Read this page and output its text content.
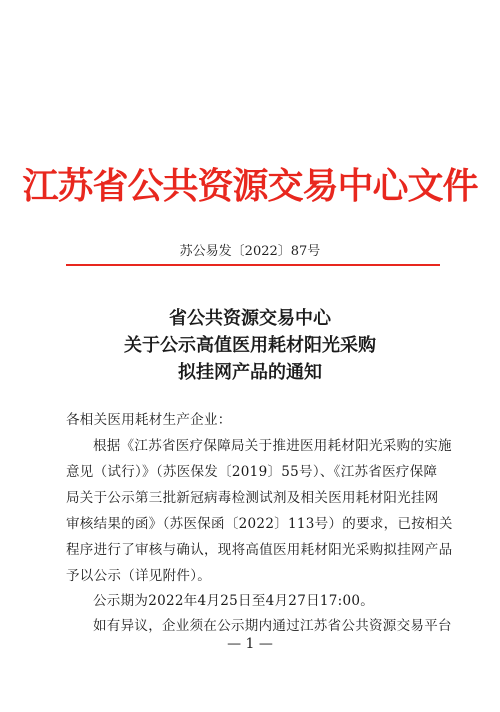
江苏省公共资源交易中心文件
苏公易发〔2022〕87号
省公共资源交易中心
关于公示高值医用耗材阳光采购
拟挂网产品的通知
各相关医用耗材生产企业：
根据《江苏省医疗保障局关于推进医用耗材阳光采购的实施
意见（试行）》（苏医保发〔2019〕55号）、《江苏省医疗保障
局关于公示第三批新冠病毒检测试剂及相关医用耗材阳光挂网
审核结果的函》（苏医保函〔2022〕113号）的要求，已按相关
程序进行了审核与确认，现将高值医用耗材阳光采购拟挂网产品
予以公示（详见附件）。
公示期为2022年4月25日至4月27日17:00。
如有异议，企业须在公示期内通过江苏省公共资源交易平台
— 1 —
